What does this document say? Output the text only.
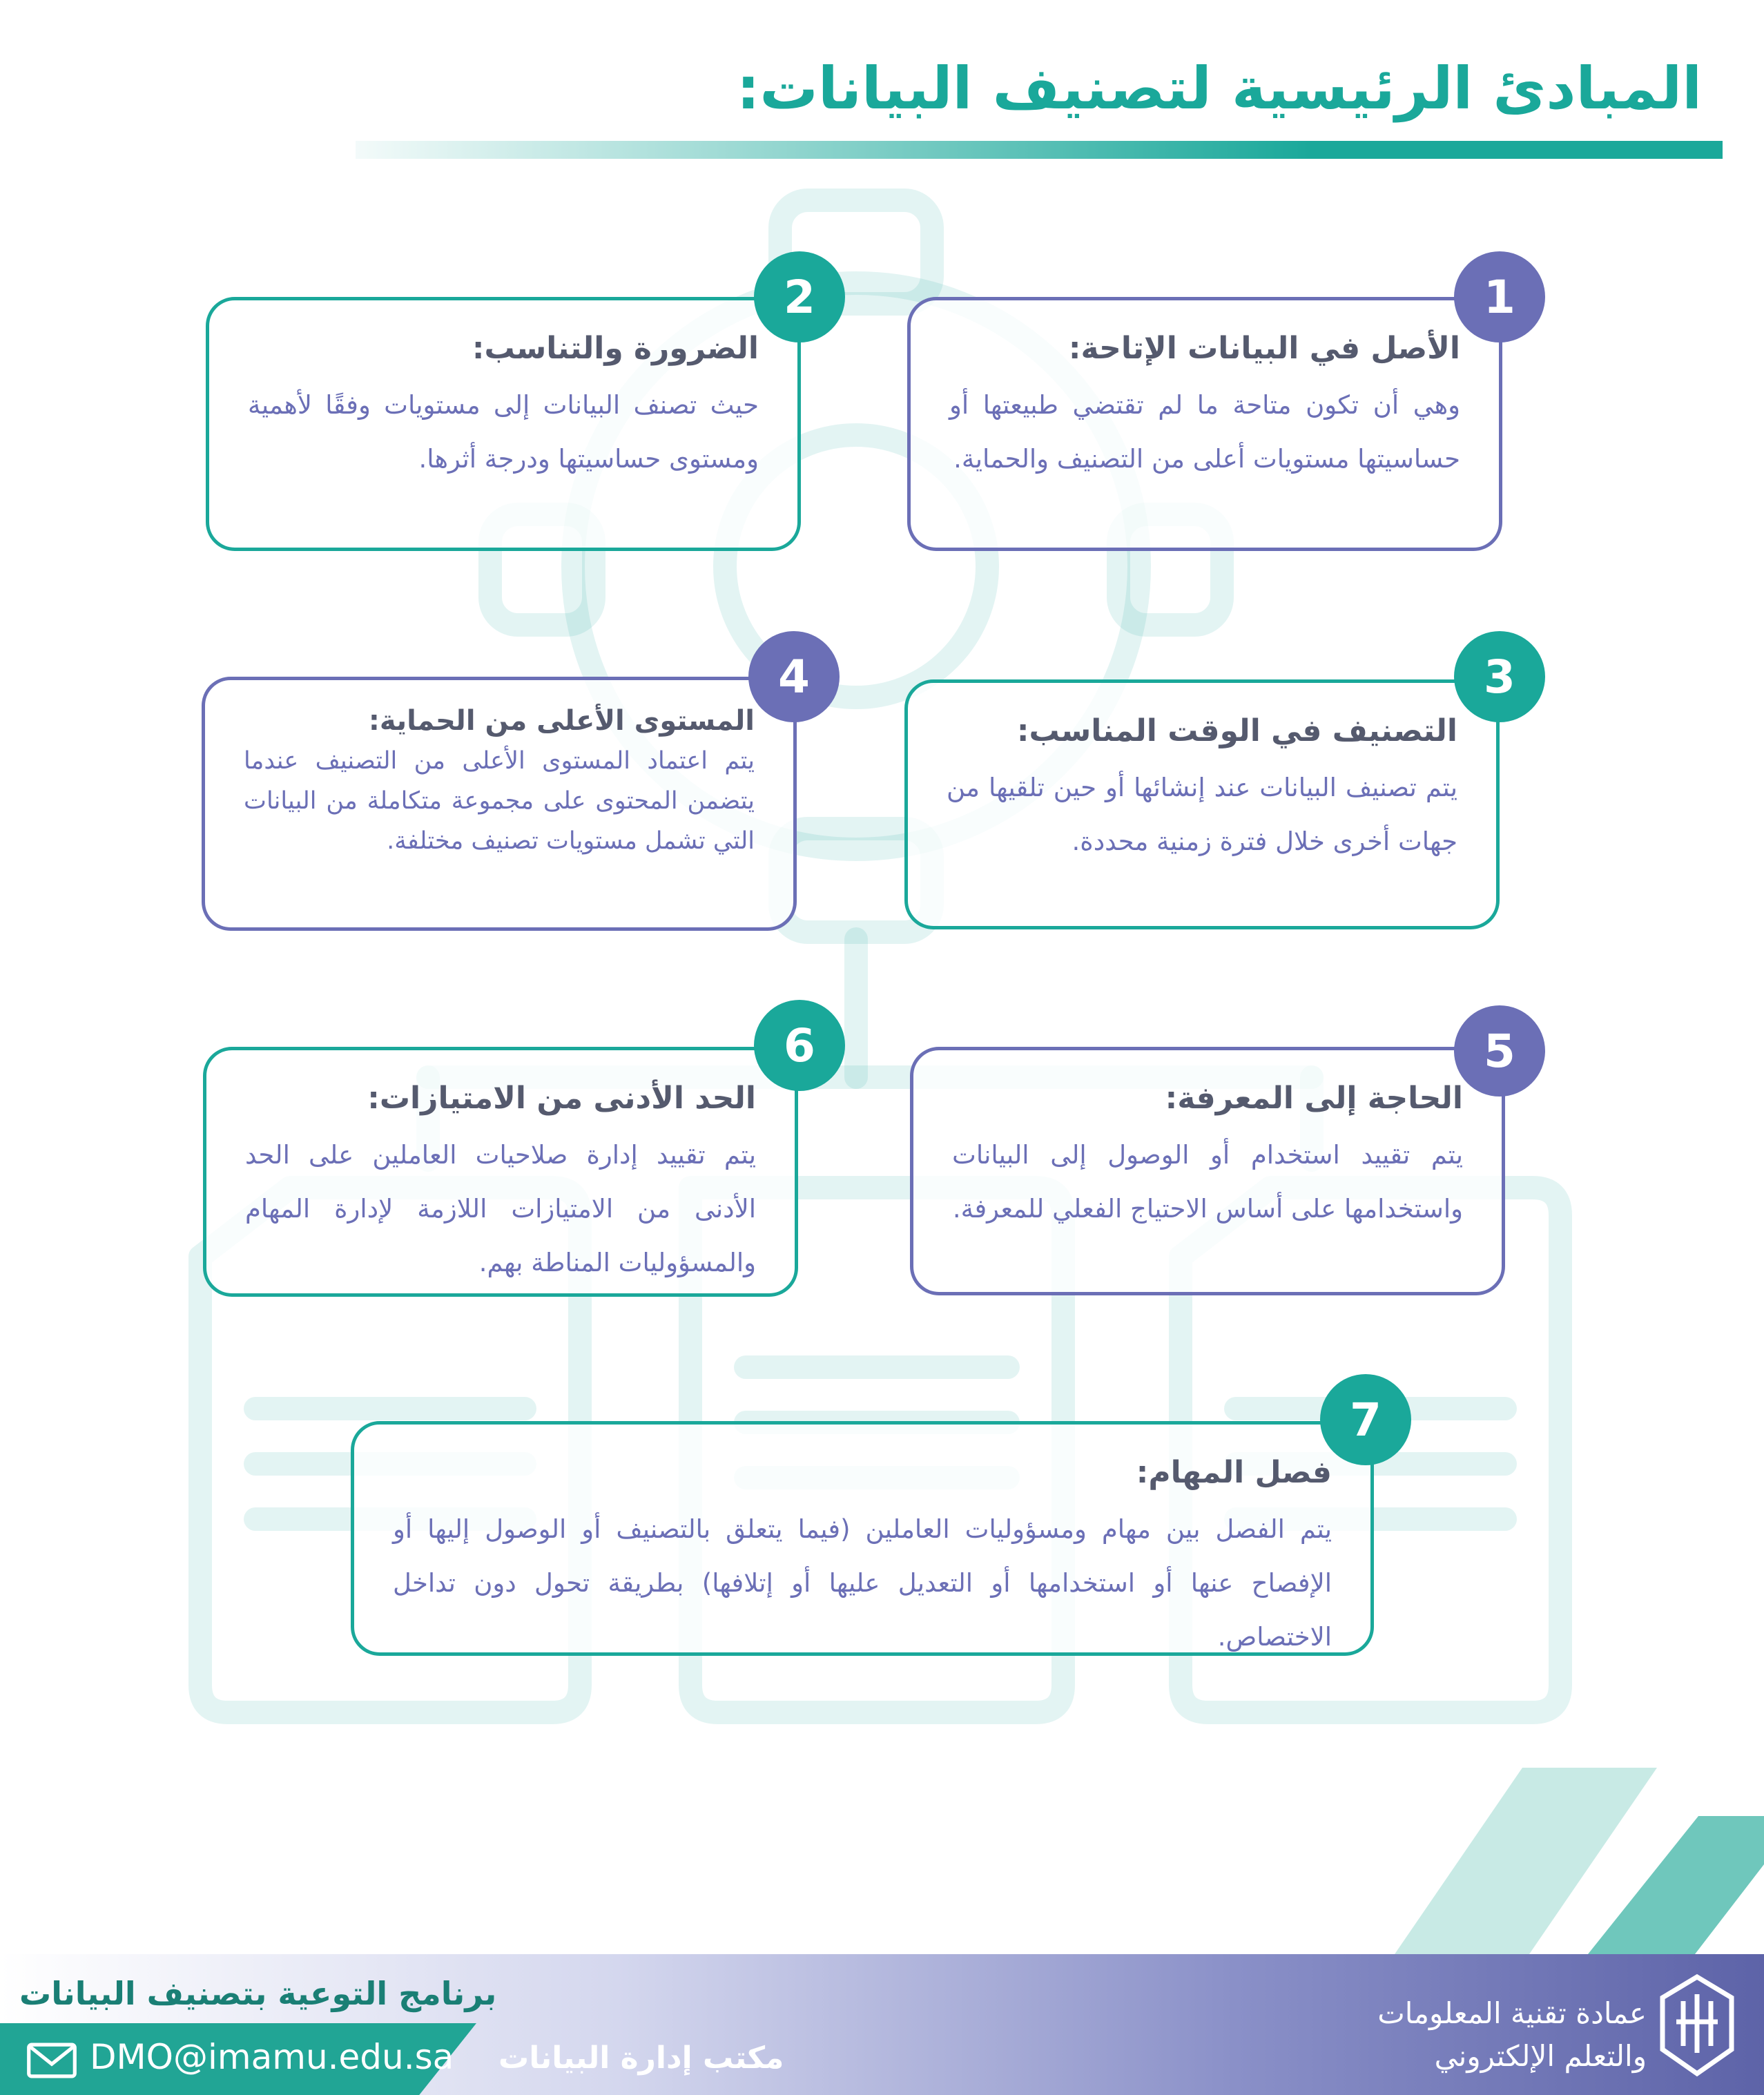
المبادئ الرئيسية لتصنيف البيانات:
الأصل في البيانات الإتاحة:

وهي أن تكون متاحة ما لم تقتضي طبيعتها أو حساسيتها مستويات أعلى من التصنيف والحماية.

1
الضرورة والتناسب:

حيث تصنف البيانات إلى مستويات وفقًا لأهمية ومستوى حساسيتها ودرجة أثرها.

2
التصنيف في الوقت المناسب:

يتم تصنيف البيانات عند إنشائها أو حين تلقيها من جهات أخرى خلال فترة زمنية محددة.

3
المستوى الأعلى من الحماية:

يتم اعتماد المستوى الأعلى من التصنيف عندما يتضمن المحتوى على مجموعة متكاملة من البيانات التي تشمل مستويات تصنيف مختلفة.

4
الحاجة إلى المعرفة:

يتم تقييد استخدام أو الوصول إلى البيانات واستخدامها على أساس الاحتياج الفعلي للمعرفة.

5
الحد الأدنى من الامتيازات:

يتم تقييد إدارة صلاحيات العاملين على الحد الأدنى من الامتيازات اللازمة لإدارة المهام والمسؤوليات المناطة بهم.

6
فصل المهام:

يتم الفصل بين مهام ومسؤوليات العاملين (فيما يتعلق بالتصنيف أو الوصول إليها أو الإفصاح عنها أو استخدامها أو التعديل عليها أو إتلافها) بطريقة تحول دون تداخل الاختصاص.

7
برنامج التوعية بتصنيف البيانات
DMO@imamu.edu.sa مكتب إدارة البيانات
عمادة تقنية المعلومات
والتعلم الإلكتروني
